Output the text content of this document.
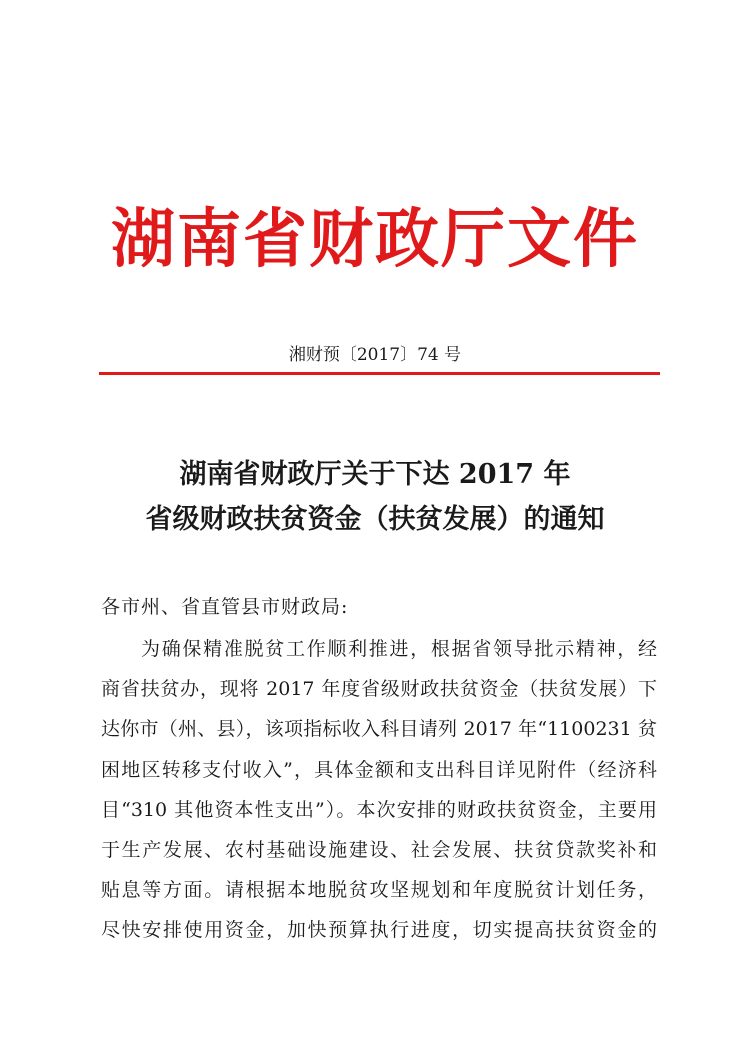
湖南省财政厅文件
湘财预〔2017〕74 号
湖南省财政厅关于下达 2017 年
省级财政扶贫资金（扶贫发展）的通知
各市州、省直管县市财政局:
为确保精准脱贫工作顺利推进，根据省领导批示精神，经
商省扶贫办，现将 2017 年度省级财政扶贫资金（扶贫发展）下
达你市（州、县），该项指标收入科目请列 2017 年“1100231 贫
困地区转移支付收入”，具体金额和支出科目详见附件（经济科
目“310 其他资本性支出”）。本次安排的财政扶贫资金，主要用
于生产发展、农村基础设施建设、社会发展、扶贫贷款奖补和
贴息等方面。请根据本地脱贫攻坚规划和年度脱贫计划任务，
尽快安排使用资金，加快预算执行进度，切实提高扶贫资金的
